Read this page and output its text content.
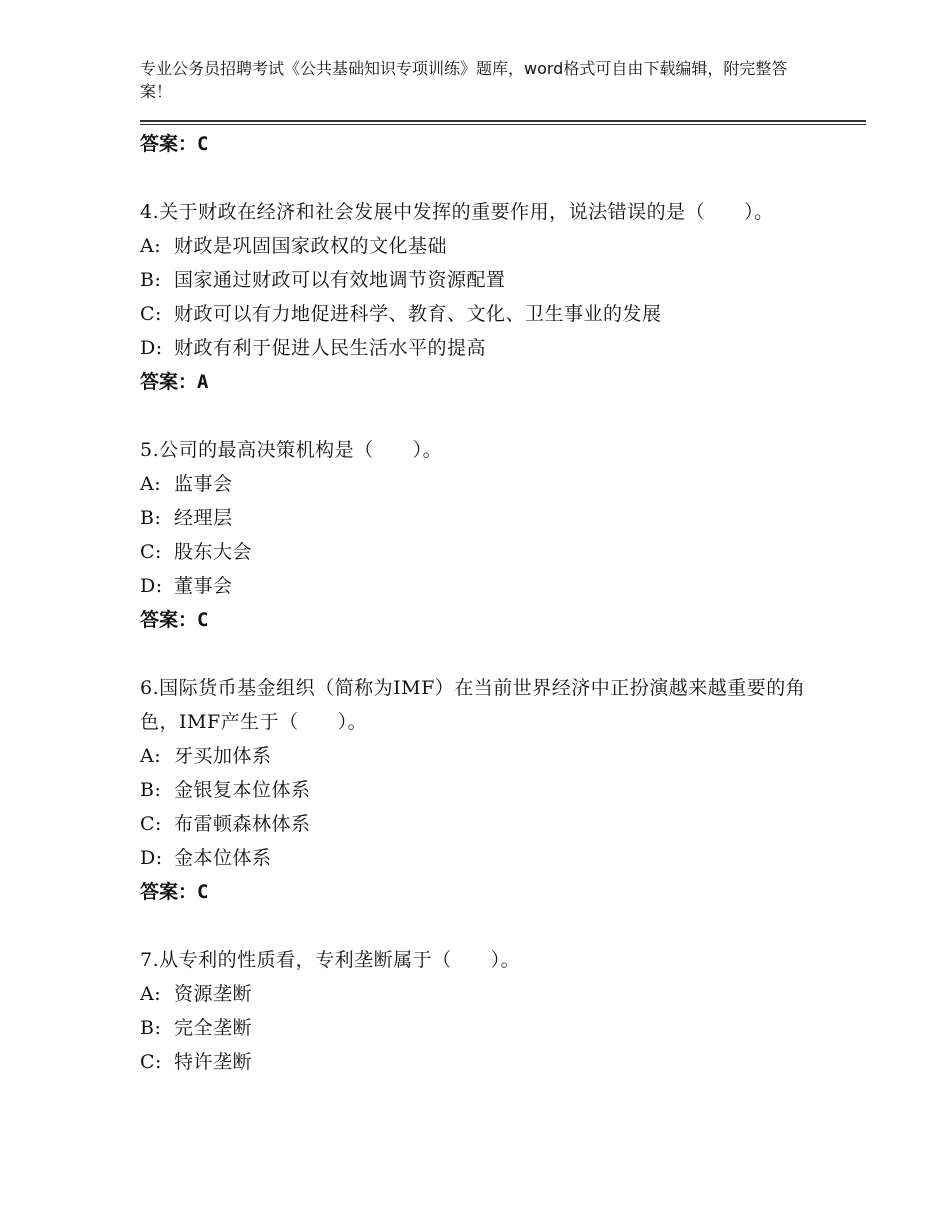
专业公务员招聘考试《公共基础知识专项训练》题库，word格式可自由下载编辑，附完整答案！
答案：C
4.关于财政在经济和社会发展中发挥的重要作用，说法错误的是（　　）。
A: 财政是巩固国家政权的文化基础
B: 国家通过财政可以有效地调节资源配置
C: 财政可以有力地促进科学、教育、文化、卫生事业的发展
D: 财政有利于促进人民生活水平的提高
答案：A
5.公司的最高决策机构是（　　）。
A: 监事会
B: 经理层
C: 股东大会
D: 董事会
答案：C
6.国际货币基金组织（简称为IMF）在当前世界经济中正扮演越来越重要的角色，IMF产生于（　　）。
A: 牙买加体系
B: 金银复本位体系
C: 布雷顿森林体系
D: 金本位体系
答案：C
7.从专利的性质看，专利垄断属于（　　）。
A: 资源垄断
B: 完全垄断
C: 特许垄断
